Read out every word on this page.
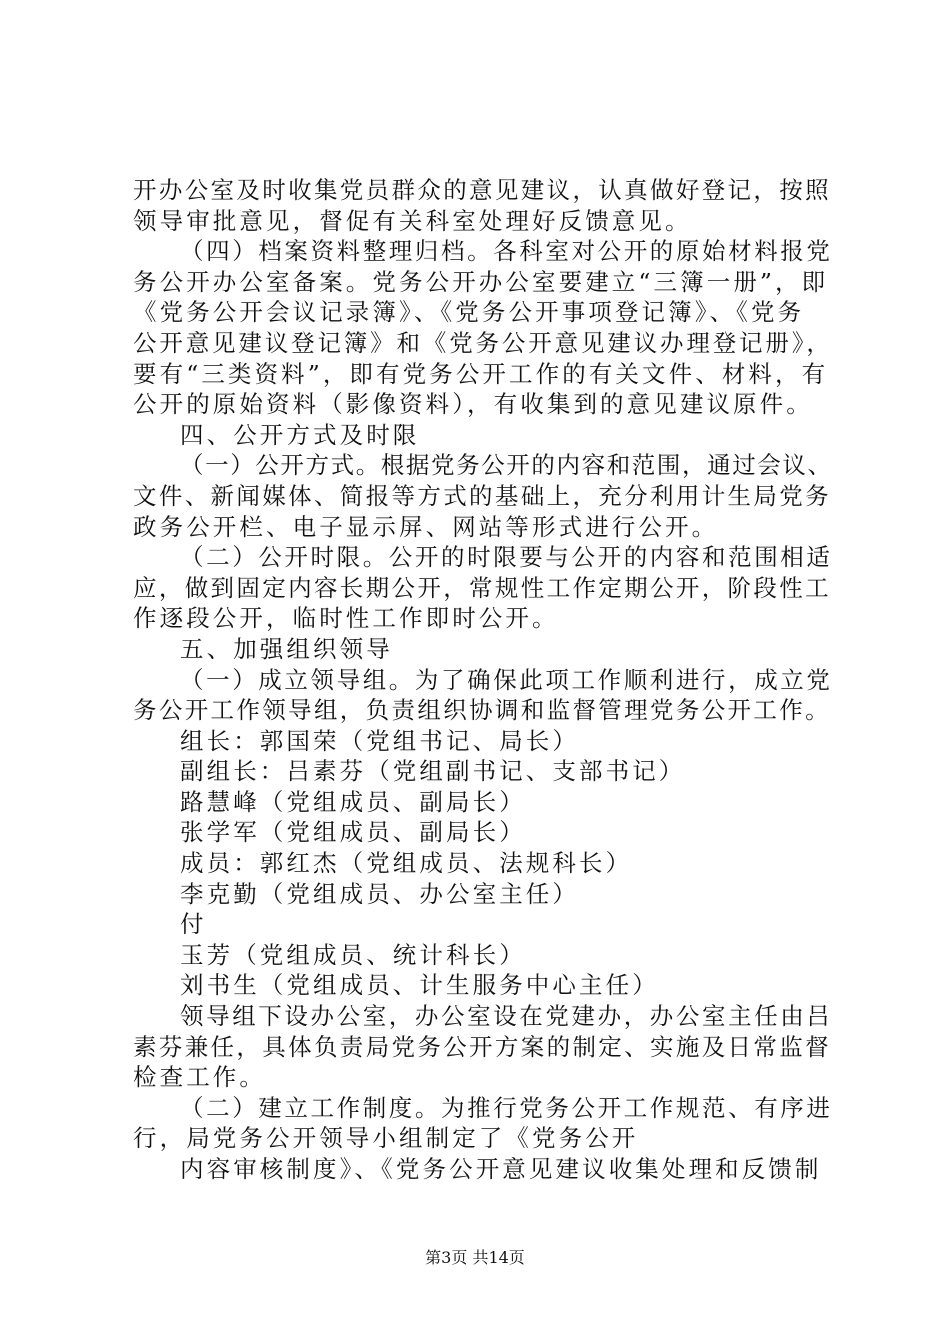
开办公室及时收集党员群众的意见建议，认真做好登记，按照
领导审批意见，督促有关科室处理好反馈意见。
（四）档案资料整理归档。各科室对公开的原始材料报党
务公开办公室备案。党务公开办公室要建立“三簿一册”，即
《党务公开会议记录簿》、《党务公开事项登记簿》、《党务
公开意见建议登记簿》和《党务公开意见建议办理登记册》，
要有“三类资料”，即有党务公开工作的有关文件、材料，有
公开的原始资料（影像资料），有收集到的意见建议原件。
四、公开方式及时限
（一）公开方式。根据党务公开的内容和范围，通过会议、
文件、新闻媒体、简报等方式的基础上，充分利用计生局党务
政务公开栏、电子显示屏、网站等形式进行公开。
（二）公开时限。公开的时限要与公开的内容和范围相适
应，做到固定内容长期公开，常规性工作定期公开，阶段性工
作逐段公开，临时性工作即时公开。
五、加强组织领导
（一）成立领导组。为了确保此项工作顺利进行，成立党
务公开工作领导组，负责组织协调和监督管理党务公开工作。
组长：郭国荣（党组书记、局长）
副组长：吕素芬（党组副书记、支部书记）
路慧峰（党组成员、副局长）
张学军（党组成员、副局长）
成员：郭红杰（党组成员、法规科长）
李克勤（党组成员、办公室主任）
付
玉芳（党组成员、统计科长）
刘书生（党组成员、计生服务中心主任）
领导组下设办公室，办公室设在党建办，办公室主任由吕
素芬兼任，具体负责局党务公开方案的制定、实施及日常监督
检查工作。
（二）建立工作制度。为推行党务公开工作规范、有序进
行，局党务公开领导小组制定了《党务公开
内容审核制度》、《党务公开意见建议收集处理和反馈制
第3页 共14页
